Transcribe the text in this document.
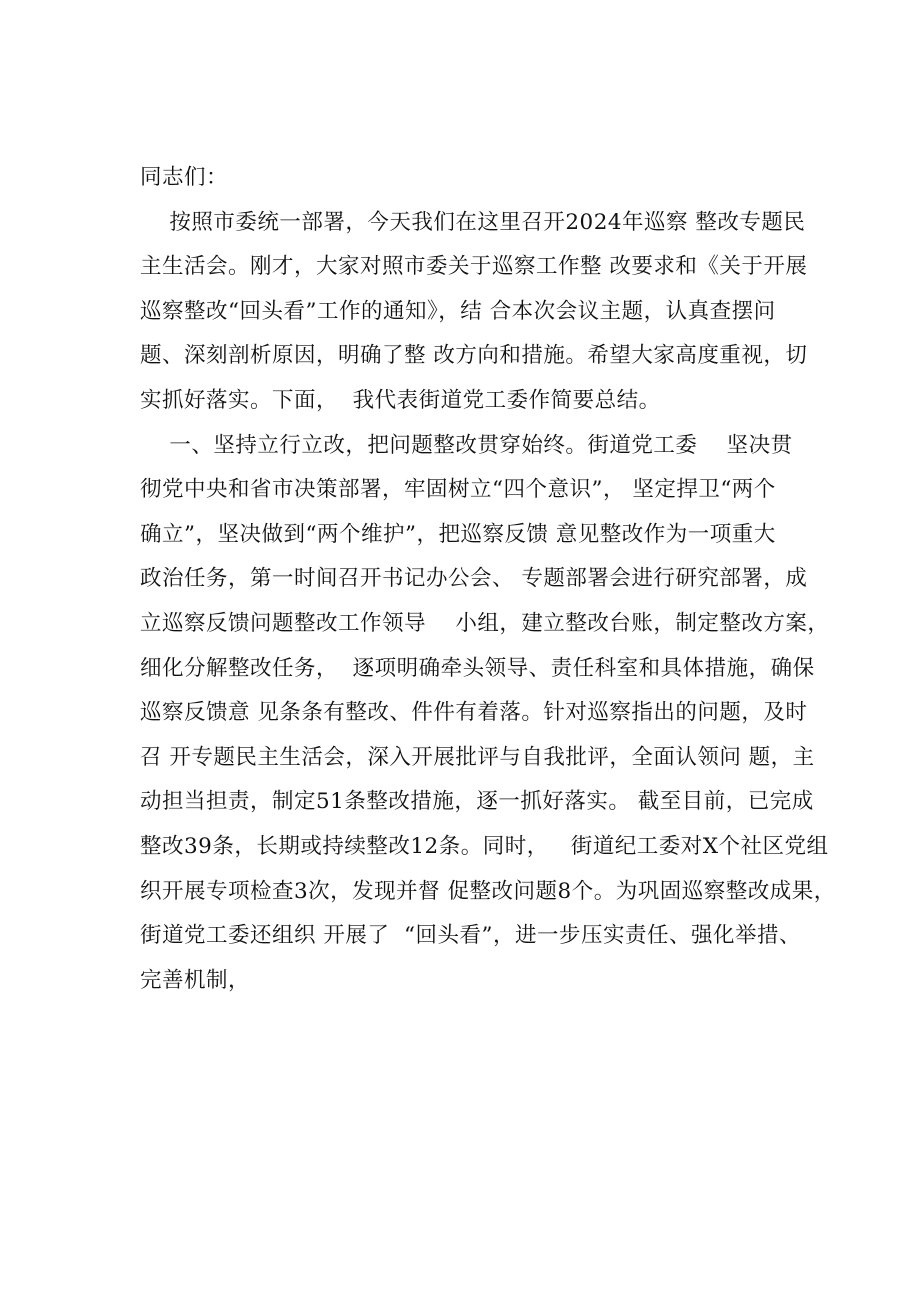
同志们：
按照市委统一部署，今天我们在这里召开2024年巡察 整改专题民
主生活会。刚才，大家对照市委关于巡察工作整 改要求和《关于开展
巡察整改“回头看”工作的通知》，结 合本次会议主题，认真查摆问
题、深刻剖析原因，明确了整 改方向和措施。希望大家高度重视，切
实抓好落实。下面，  我代表街道党工委作简要总结。
一、坚持立行立改，把问题整改贯穿始终。街道党工委    坚决贯
彻党中央和省市决策部署，牢固树立“四个意识”， 坚定捍卫“两个
确立”，坚决做到“两个维护”，把巡察反馈 意见整改作为一项重大
政治任务，第一时间召开书记办公会、 专题部署会进行研究部署，成
立巡察反馈问题整改工作领导    小组，建立整改台账，制定整改方案，
细化分解整改任务，  逐项明确牵头领导、责任科室和具体措施，确保
巡察反馈意 见条条有整改、件件有着落。针对巡察指出的问题，及时
召 开专题民主生活会，深入开展批评与自我批评，全面认领问 题，主
动担当担责，制定51条整改措施，逐一抓好落实。 截至目前，已完成
整改39条，长期或持续整改12条。同时，   街道纪工委对X个社区党组
织开展专项检查3次，发现并督 促整改问题8个。为巩固巡察整改成果，
街道党工委还组织 开展了  “回头看”，进一步压实责任、强化举措、
完善机制，
